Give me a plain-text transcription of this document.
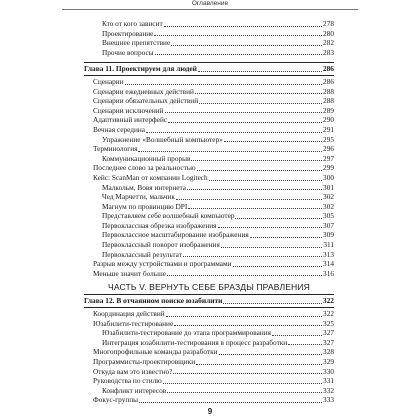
Оглавление
Кто от кого зависит	278
Проектирование	280
Внешнее препятствие	282
Прочие вопросы	283
Глава 11. Проектируем для людей	286
Сценарии	286
Сценарии ежедневных действий	288
Сценарии обязательных действий	288
Сценарии исключений	289
Адаптивный интерфейс	290
Вечная середина	291
Упражнение «Волшебный компьютер»	295
Терминология	296
Коммуникационный прорыв	297
Последнее слово за реальностью	299
Кейс: ScanMan от компании Logitech	300
Малкольм, Вовя интернета	301
Чед Марчетти, мальчик	302
Магнум по провинцию DPI	302
Представляем себе волшебный компьютер	305
Первоклассная обрезка изображения	307
Первоклассное масштабирование изображения	309
Первоклассный поворот изображения	311
Первоклассный результат	313
Разрыв между устройствами и программами	314
Меньше значит больше	316
ЧАСТЬ V. ВЕРНУТЬ СЕБЕ БРАЗДЫ ПРАВЛЕНИЯ
Глава 12. В отчаянном поиске юзабилити	322
Координация действий	322
Юзабилити-тестирование	325
Юзабилити-тестирование до этапа программирования	327
Интеграция юзабилити-тестирования в процесс разработки	327
Многопрофильные команды разработки	328
Программисты-проектировщики	329
Откуда вам это известно?	330
Руководства по стилю	331
Конфликт интересов	332
Фокус-группы	333
9
